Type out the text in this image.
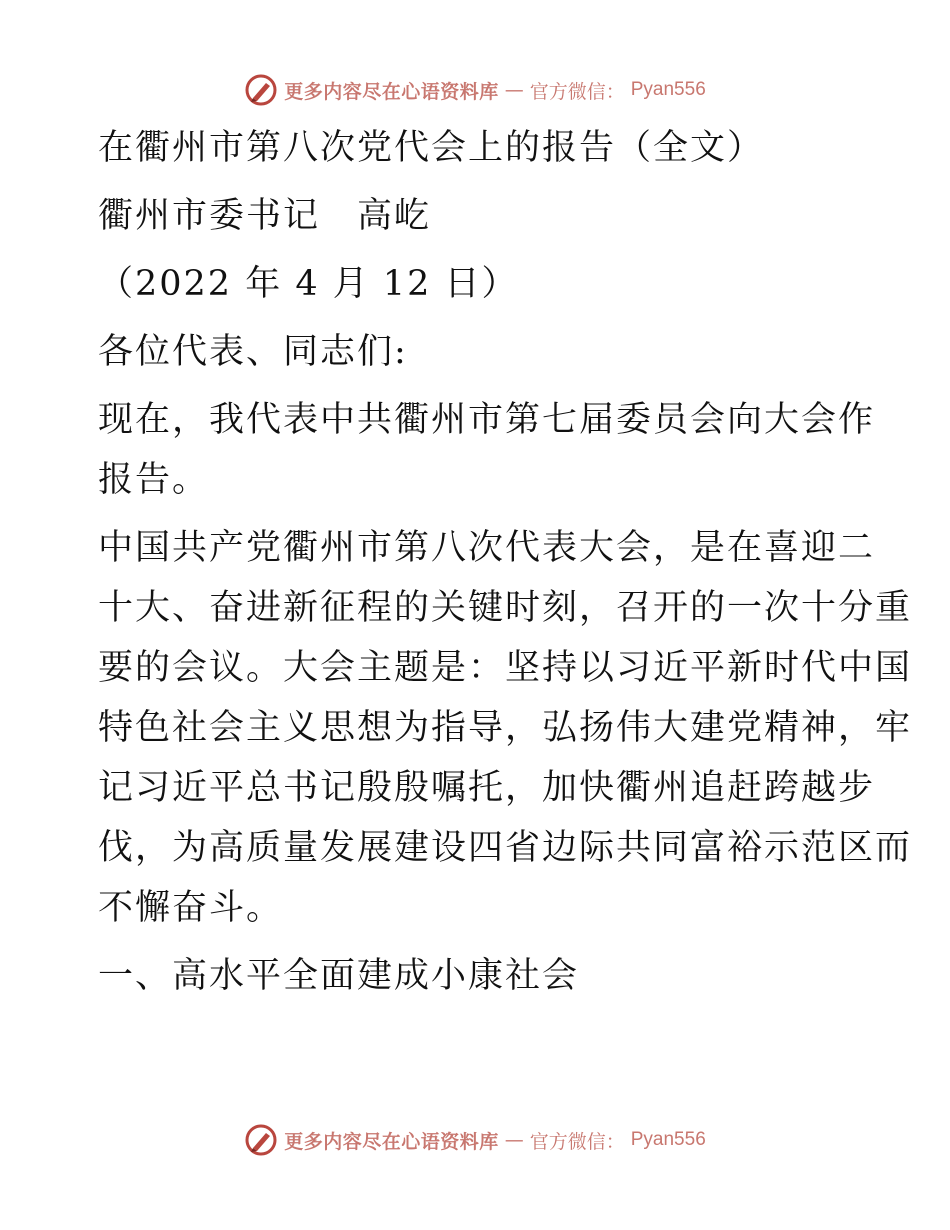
更多内容尽在心语资料库 — 官方微信： Pyan556

在衢州市第八次党代会上的报告（全文）

衢州市委书记　高屹

（2022 年 4 月 12 日）

各位代表、同志们:

现在，我代表中共衢州市第七届委员会向大会作
报告。
中国共产党衢州市第八次代表大会，是在喜迎二
十大、奋进新征程的关键时刻，召开的一次十分重
要的会议。大会主题是：坚持以习近平新时代中国
特色社会主义思想为指导，弘扬伟大建党精神，牢
记习近平总书记殷殷嘱托，加快衢州追赶跨越步
伐，为高质量发展建设四省边际共同富裕示范区而
不懈奋斗。

一、高水平全面建成小康社会

更多内容尽在心语资料库 — 官方微信： Pyan556
